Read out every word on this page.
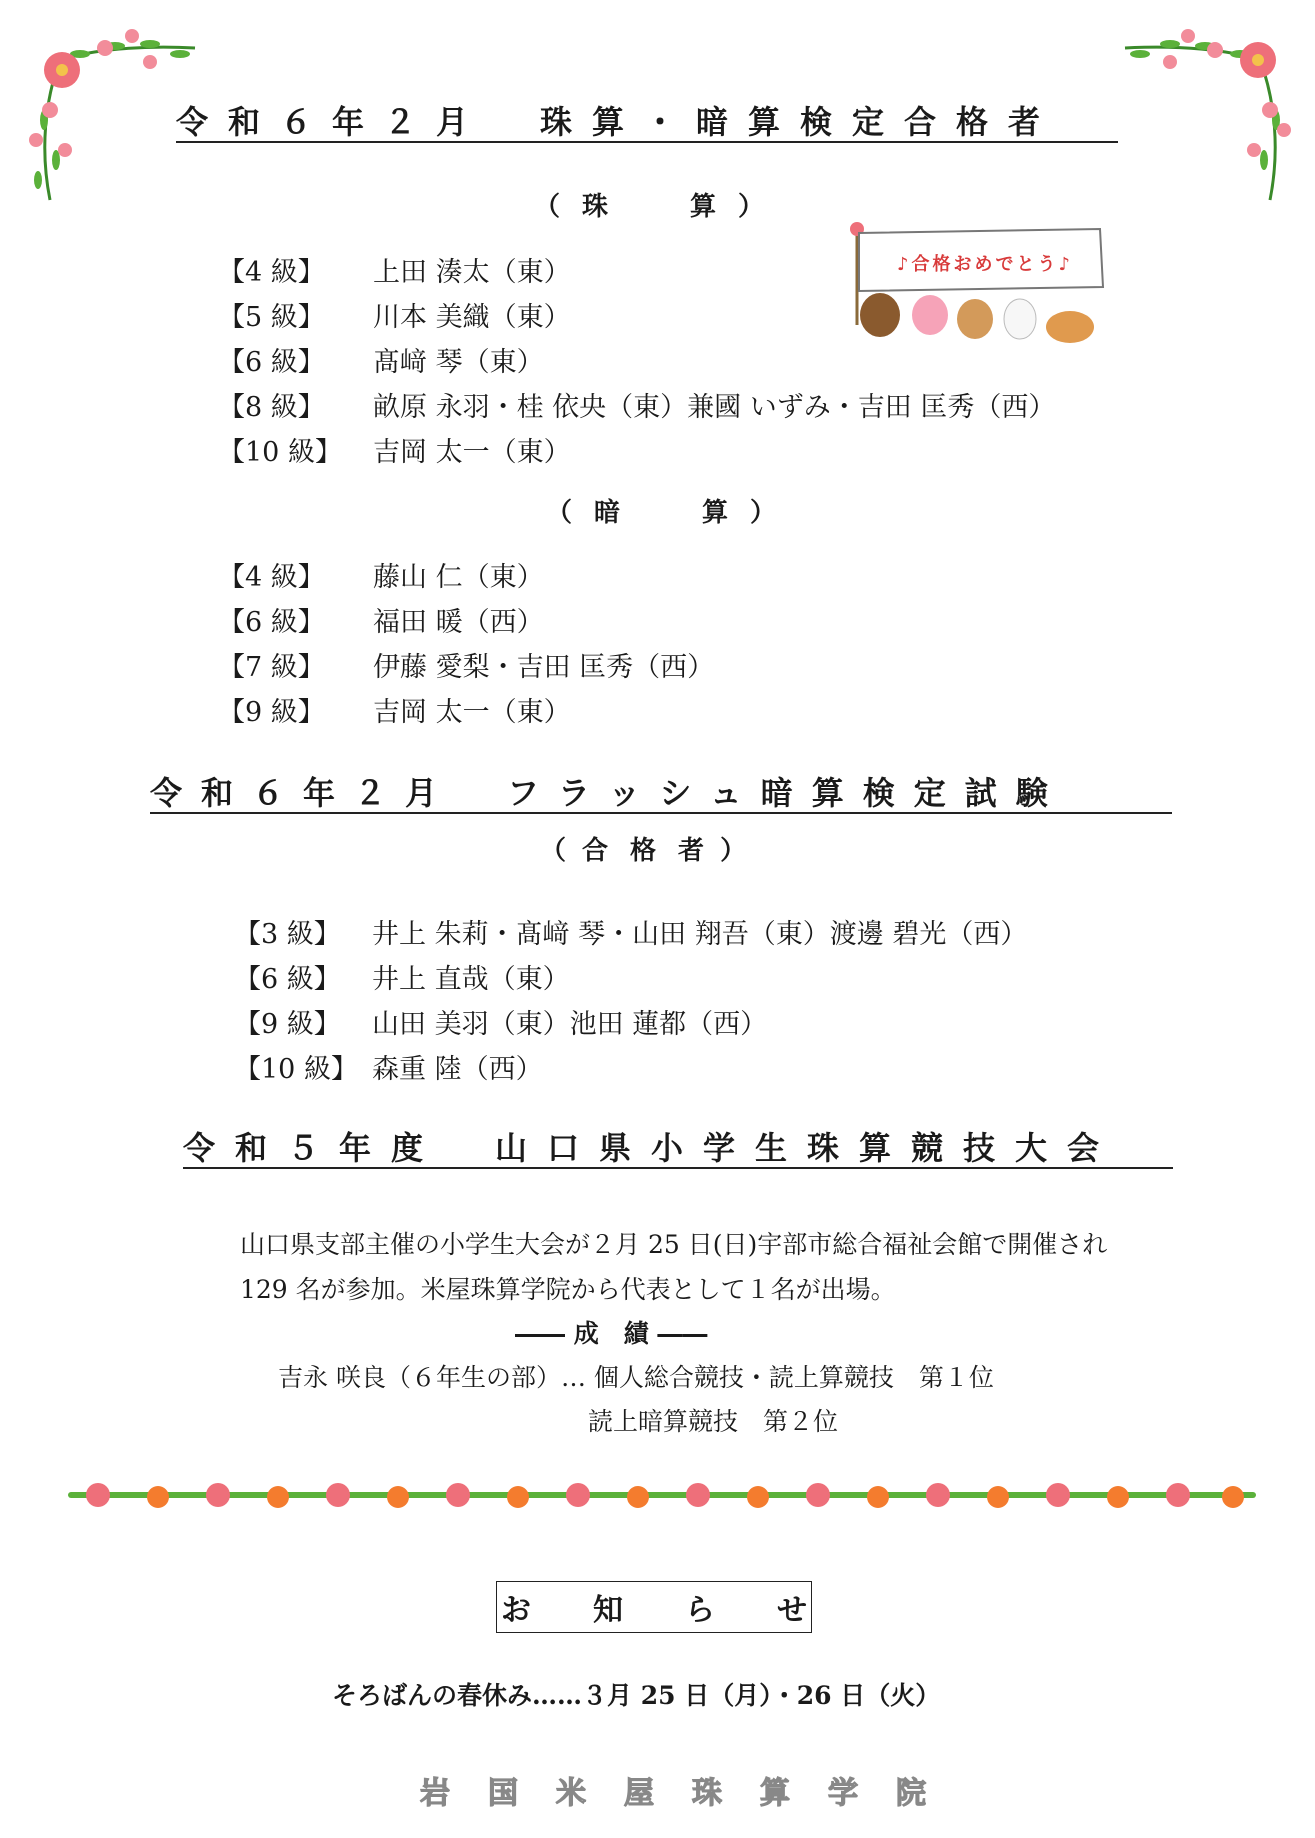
令和６年２月　珠算・暗算検定合格者
♪合格おめでとう♪
（ 珠	算 ）
【4 級】 上田 湊太（東）
【5 級】 川本 美織（東）
【6 級】 髙﨑 琴（東）
【8 級】 畝原 永羽・桂 依央（東）兼國 いずみ・吉田 匡秀（西）
【10 級】 吉岡 太一（東）
（ 暗	算 ）
【4 級】 藤山 仁（東）
【6 級】 福田 暖（西）
【7 級】 伊藤 愛梨・吉田 匡秀（西）
【9 級】 吉岡 太一（東）
令和６年２月　フラッシュ暗算検定試験
（ 合 格 者 ）
【3 級】 井上 朱莉・髙﨑 琴・山田 翔吾（東）渡邊 碧光（西）
【6 級】 井上 直哉（東）
【9 級】 山田 美羽（東）池田 蓮都（西）
【10 級】 森重 陸（西）
令和５年度　山口県小学生珠算競技大会
山口県支部主催の小学生大会が２月 25 日(日)宇部市総合福祉会館で開催され
129 名が参加。米屋珠算学院から代表として１名が出場。
―― 成　績 ――
吉永 咲良（６年生の部）… 個人総合競技・読上算競技　第１位
読上暗算競技　第２位
お 知 ら せ
そろばんの春休み……３月 25 日（月）・26 日（火）
岩国米屋珠算学院
